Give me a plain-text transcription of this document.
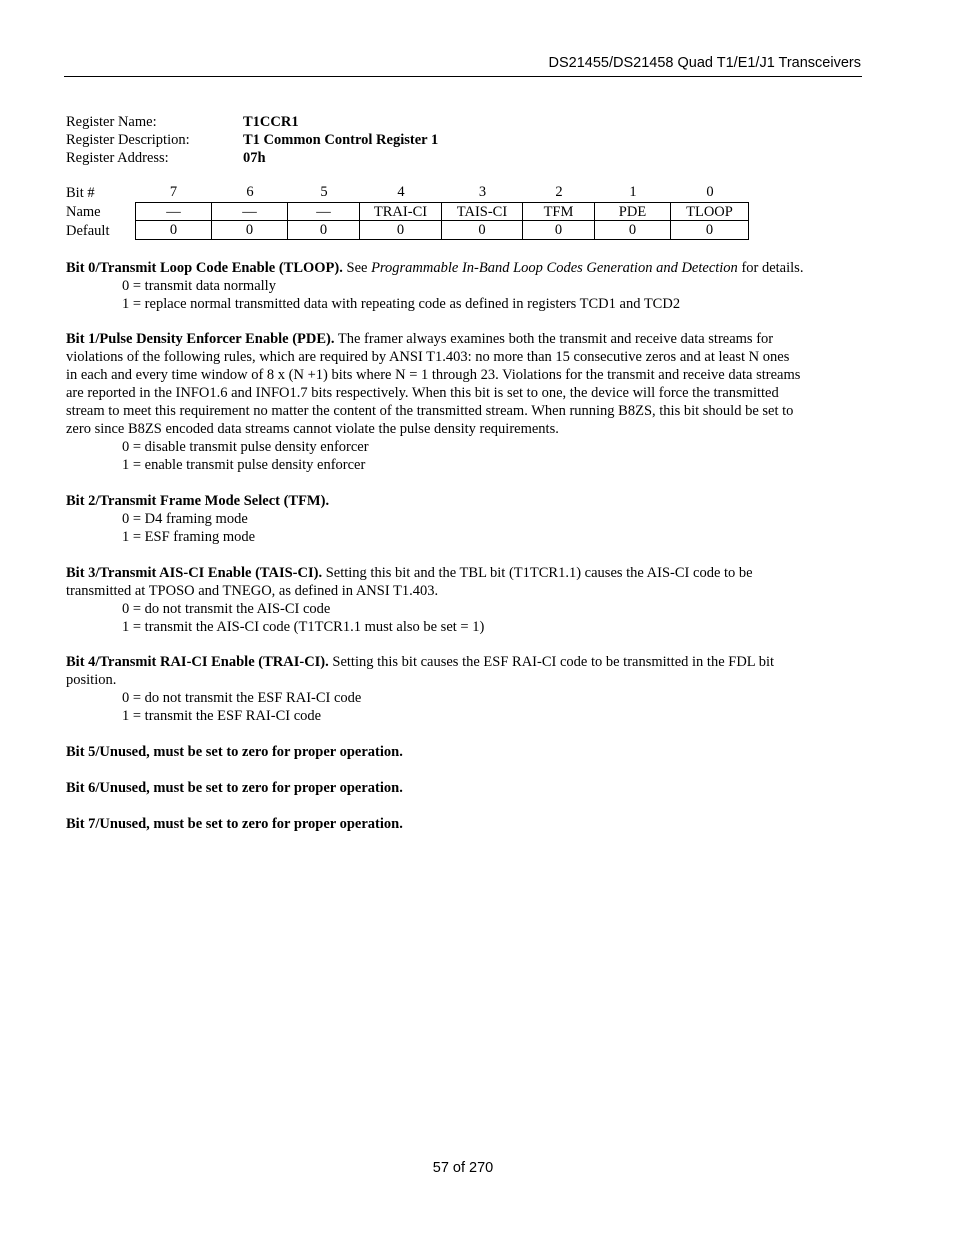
DS21455/DS21458 Quad T1/E1/J1 Transceivers
Register Name:	T1CCR1
Register Description:	T1 Common Control Register 1
Register Address:	07h
Bit #	7	6	5	4	3	2	1	0
Name	—	—	—	TRAI-CI	TAIS-CI	TFM	PDE	TLOOP
Default	0	0	0	0	0	0	0	0

Bit 0/Transmit Loop Code Enable (TLOOP). See Programmable In-Band Loop Codes Generation and Detection for details.

0 = transmit data normally

1 = replace normal transmitted data with repeating code as defined in registers TCD1 and TCD2

Bit 1/Pulse Density Enforcer Enable (PDE). The framer always examines both the transmit and receive data streams for

violations of the following rules, which are required by ANSI T1.403: no more than 15 consecutive zeros and at least N ones

in each and every time window of 8 x (N +1) bits where N = 1 through 23. Violations for the transmit and receive data streams

are reported in the INFO1.6 and INFO1.7 bits respectively. When this bit is set to one, the device will force the transmitted

stream to meet this requirement no matter the content of the transmitted stream. When running B8ZS, this bit should be set to

zero since B8ZS encoded data streams cannot violate the pulse density requirements.

0 = disable transmit pulse density enforcer

1 = enable transmit pulse density enforcer

Bit 2/Transmit Frame Mode Select (TFM).

0 = D4 framing mode

1 = ESF framing mode

Bit 3/Transmit AIS-CI Enable (TAIS-CI). Setting this bit and the TBL bit (T1TCR1.1) causes the AIS-CI code to be

transmitted at TPOSO and TNEGO, as defined in ANSI T1.403.

0 = do not transmit the AIS-CI code

1 = transmit the AIS-CI code (T1TCR1.1 must also be set = 1)

Bit 4/Transmit RAI-CI Enable (TRAI-CI). Setting this bit causes the ESF RAI-CI code to be transmitted in the FDL bit

position.

0 = do not transmit the ESF RAI-CI code

1 = transmit the ESF RAI-CI code

Bit 5/Unused, must be set to zero for proper operation.

Bit 6/Unused, must be set to zero for proper operation.

Bit 7/Unused, must be set to zero for proper operation.

57 of 270
